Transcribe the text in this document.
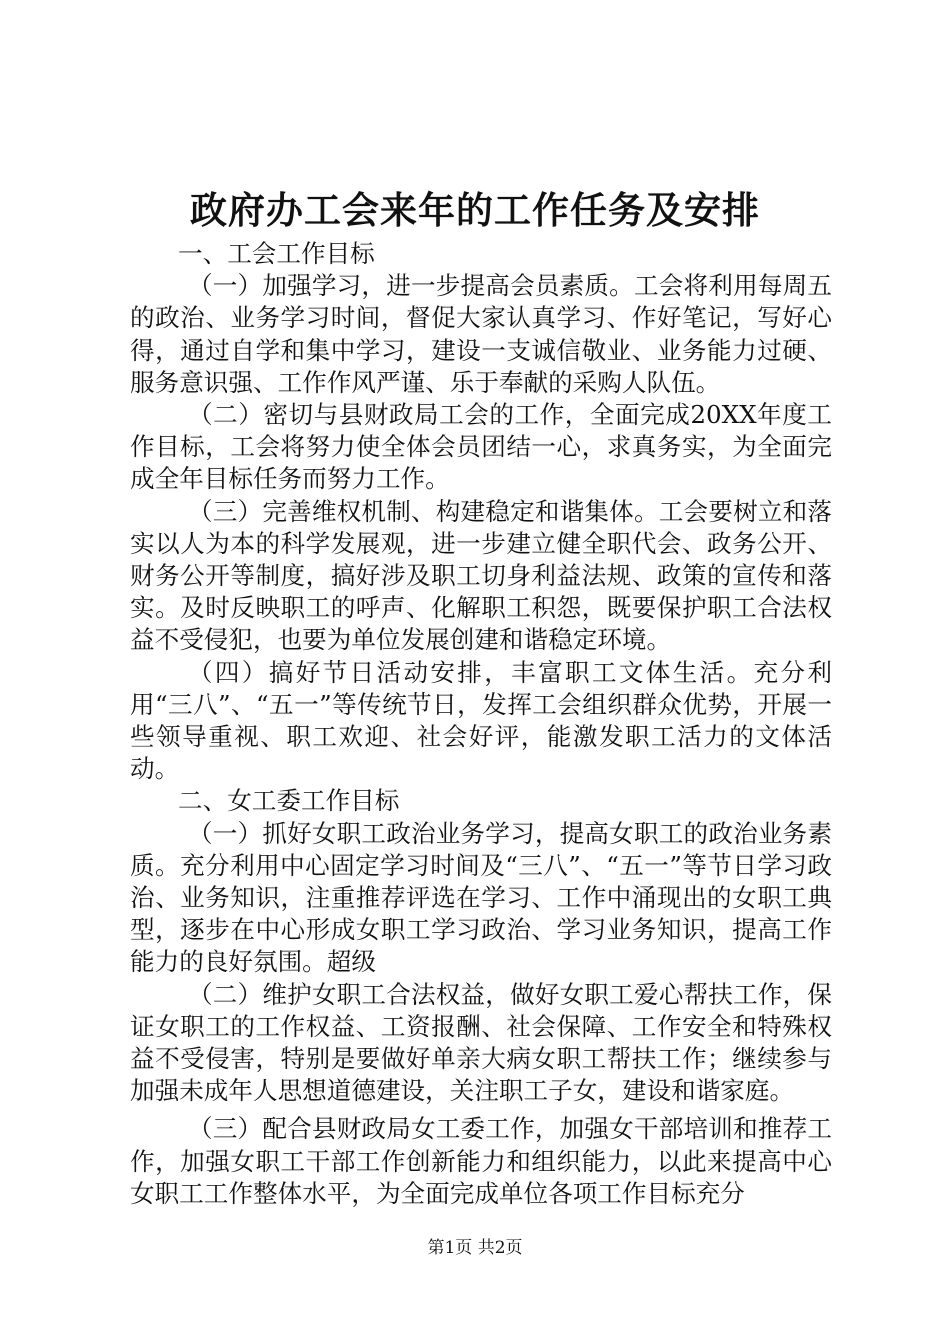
政府办工会来年的工作任务及安排

一、工会工作目标

（一）加强学习，进一步提高会员素质。工会将利用每周五的政治、业务学习时间，督促大家认真学习、作好笔记，写好心得，通过自学和集中学习，建设一支诚信敬业、业务能力过硬、服务意识强、工作作风严谨、乐于奉献的采购人队伍。

（二）密切与县财政局工会的工作，全面完成20XX年度工作目标，工会将努力使全体会员团结一心，求真务实，为全面完成全年目标任务而努力工作。

（三）完善维权机制、构建稳定和谐集体。工会要树立和落实以人为本的科学发展观，进一步建立健全职代会、政务公开、财务公开等制度，搞好涉及职工切身利益法规、政策的宣传和落实。及时反映职工的呼声、化解职工积怨，既要保护职工合法权益不受侵犯，也要为单位发展创建和谐稳定环境。

（四）搞好节日活动安排，丰富职工文体生活。充分利用“三八”、“五一”等传统节日，发挥工会组织群众优势，开展一些领导重视、职工欢迎、社会好评，能激发职工活力的文体活动。

二、女工委工作目标

（一）抓好女职工政治业务学习，提高女职工的政治业务素质。充分利用中心固定学习时间及“三八”、“五一”等节日学习政治、业务知识，注重推荐评选在学习、工作中涌现出的女职工典型，逐步在中心形成女职工学习政治、学习业务知识，提高工作能力的良好氛围。超级

（二）维护女职工合法权益，做好女职工爱心帮扶工作，保证女职工的工作权益、工资报酬、社会保障、工作安全和特殊权益不受侵害，特别是要做好单亲大病女职工帮扶工作；继续参与加强未成年人思想道德建设，关注职工子女，建设和谐家庭。

（三）配合县财政局女工委工作，加强女干部培训和推荐工作，加强女职工干部工作创新能力和组织能力，以此来提高中心女职工工作整体水平，为全面完成单位各项工作目标充分

第1页 共2页
